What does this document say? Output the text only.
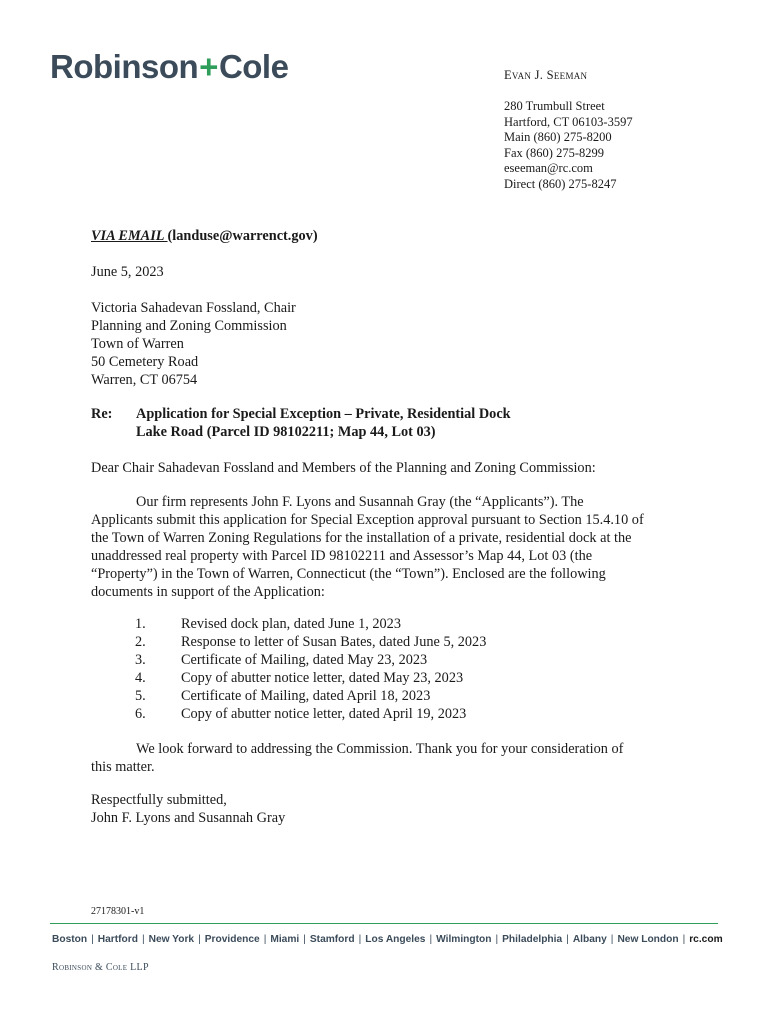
Robinson+Cole	Evan J. Seeman
280 Trumbull Street
Hartford, CT 06103-3597
Main (860) 275-8200
Fax (860) 275-8299
eseeman@rc.com
Direct (860) 275-8247
VIA EMAIL (landuse@warrenct.gov)
June 5, 2023
Victoria Sahadevan Fossland, Chair
Planning and Zoning Commission
Town of Warren
50 Cemetery Road
Warren, CT 06754
Re: Application for Special Exception – Private, Residential Dock
Lake Road (Parcel ID 98102211; Map 44, Lot 03)
Dear Chair Sahadevan Fossland and Members of the Planning and Zoning Commission:
Our firm represents John F. Lyons and Susannah Gray (the “Applicants”). The
Applicants submit this application for Special Exception approval pursuant to Section 15.4.10 of
the Town of Warren Zoning Regulations for the installation of a private, residential dock at the
unaddressed real property with Parcel ID 98102211 and Assessor’s Map 44, Lot 03 (the
“Property”) in the Town of Warren, Connecticut (the “Town”). Enclosed are the following
documents in support of the Application:
1. Revised dock plan, dated June 1, 2023
2. Response to letter of Susan Bates, dated June 5, 2023
3. Certificate of Mailing, dated May 23, 2023
4. Copy of abutter notice letter, dated May 23, 2023
5. Certificate of Mailing, dated April 18, 2023
6. Copy of abutter notice letter, dated April 19, 2023
We look forward to addressing the Commission. Thank you for your consideration of
this matter.
Respectfully submitted,
John F. Lyons and Susannah Gray
27178301-v1
Boston | Hartford | New York | Providence | Miami | Stamford | Los Angeles | Wilmington | Philadelphia | Albany | New London | rc.com
Robinson & Cole LLP
